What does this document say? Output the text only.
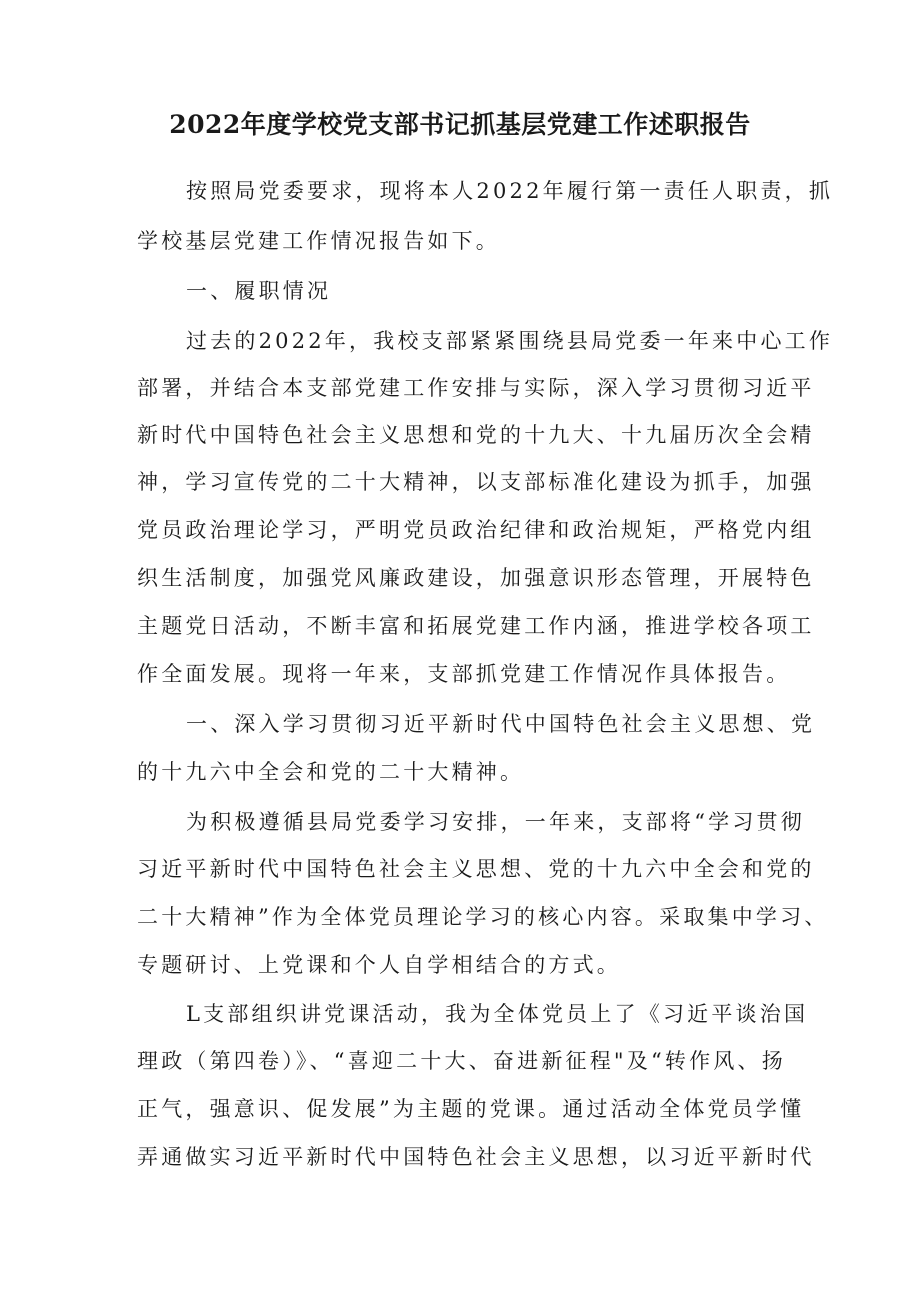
2022年度学校党支部书记抓基层党建工作述职报告
按照局党委要求，现将本人2022年履行第一责任人职责，抓
学校基层党建工作情况报告如下。
一、履职情况
过去的2022年，我校支部紧紧围绕县局党委一年来中心工作
部署，并结合本支部党建工作安排与实际，深入学习贯彻习近平
新时代中国特色社会主义思想和党的十九大、十九届历次全会精
神，学习宣传党的二十大精神，以支部标准化建设为抓手，加强
党员政治理论学习，严明党员政治纪律和政治规矩，严格党内组
织生活制度，加强党风廉政建设，加强意识形态管理，开展特色
主题党日活动，不断丰富和拓展党建工作内涵，推进学校各项工
作全面发展。现将一年来，支部抓党建工作情况作具体报告。
一、深入学习贯彻习近平新时代中国特色社会主义思想、党
的十九六中全会和党的二十大精神。
为积极遵循县局党委学习安排，一年来，支部将“学习贯彻
习近平新时代中国特色社会主义思想、党的十九六中全会和党的
二十大精神”作为全体党员理论学习的核心内容。采取集中学习、
专题研讨、上党课和个人自学相结合的方式。
L支部组织讲党课活动，我为全体党员上了《习近平谈治国
理政（第四卷）》、“喜迎二十大、奋进新征程"及“转作风、扬
正气，强意识、促发展”为主题的党课。通过活动全体党员学懂
弄通做实习近平新时代中国特色社会主义思想，以习近平新时代
